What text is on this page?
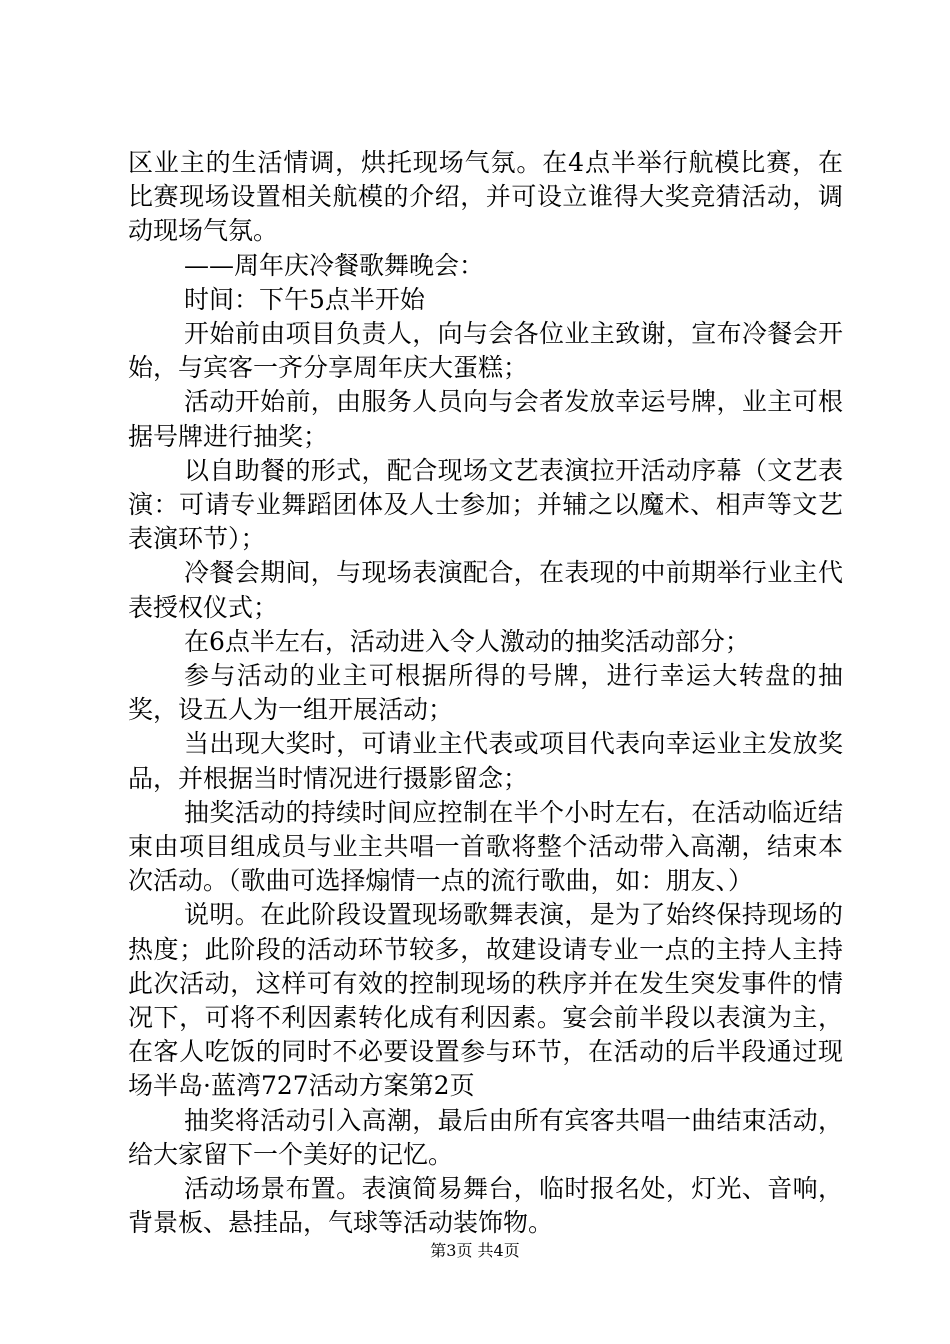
区业主的生活情调，烘托现场气氛。在4点半举行航模比赛，在比赛现场设置相关航模的介绍，并可设立谁得大奖竞猜活动，调动现场气氛。

——周年庆冷餐歌舞晚会：

时间：下午5点半开始

开始前由项目负责人，向与会各位业主致谢，宣布冷餐会开始，与宾客一齐分享周年庆大蛋糕；

活动开始前，由服务人员向与会者发放幸运号牌，业主可根据号牌进行抽奖；

以自助餐的形式，配合现场文艺表演拉开活动序幕（文艺表演：可请专业舞蹈团体及人士参加；并辅之以魔术、相声等文艺表演环节）；

冷餐会期间，与现场表演配合，在表现的中前期举行业主代表授权仪式；

在6点半左右，活动进入令人激动的抽奖活动部分；

参与活动的业主可根据所得的号牌，进行幸运大转盘的抽奖，设五人为一组开展活动；

当出现大奖时，可请业主代表或项目代表向幸运业主发放奖品，并根据当时情况进行摄影留念；

抽奖活动的持续时间应控制在半个小时左右，在活动临近结束由项目组成员与业主共唱一首歌将整个活动带入高潮，结束本次活动。（歌曲可选择煽情一点的流行歌曲，如：朋友、）

说明。在此阶段设置现场歌舞表演，是为了始终保持现场的热度；此阶段的活动环节较多，故建设请专业一点的主持人主持此次活动，这样可有效的控制现场的秩序并在发生突发事件的情况下，可将不利因素转化成有利因素。宴会前半段以表演为主，在客人吃饭的同时不必要设置参与环节，在活动的后半段通过现场半岛·蓝湾727活动方案第2页

抽奖将活动引入高潮，最后由所有宾客共唱一曲结束活动，给大家留下一个美好的记忆。

活动场景布置。表演简易舞台，临时报名处，灯光、音响，背景板、悬挂品，气球等活动装饰物。

第3页 共4页
